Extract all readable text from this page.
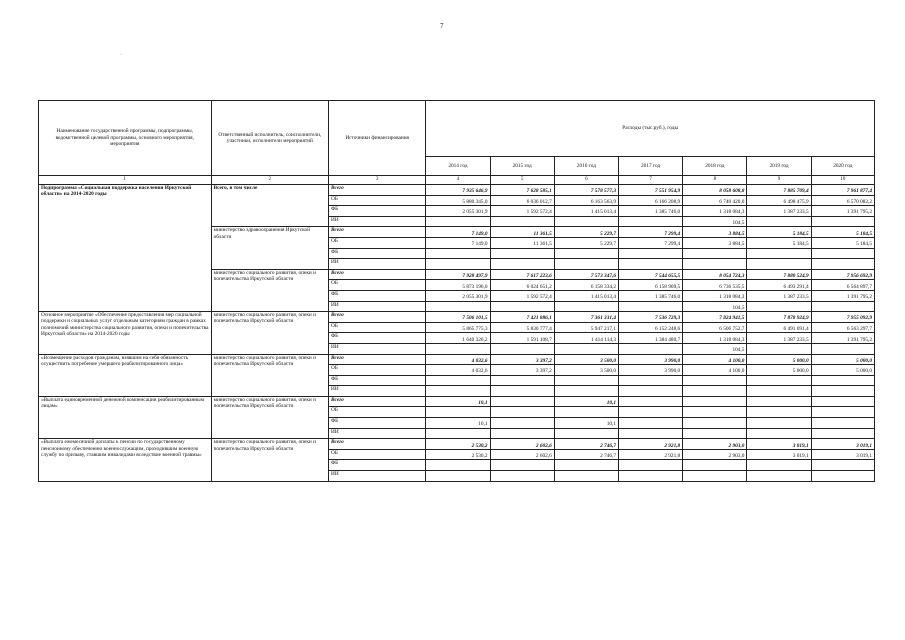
7
·
Наименование государственной программы, подпрограммы, ведомственной целевой программы, основного мероприятия, мероприятия	Ответственный исполнитель, соисполнители, участники, исполнители мероприятий	Источники финансирования	Расходы (тыс.руб.), годы						
			2014 год	2015 год	2016 год	2017 год	2018 год	2019 год	2020 год
1	2	3	4	5	6	7	8	9	10
Подпрограмма «Социальная поддержка населения Иркутской области» на 2014-2020 годы	Всего, в том числе	Всего	7 935 646,9	7 628 585,1	7 578 577,3	7 551 954,9	8 058 608,8	7 885 709,4	7 961 877,4
		ОБ	5 880 345,0	6 036 012,7	6 163 563,9	6 166 208,9	6 740 420,0	6 498 475,9	6 570 082,2
		ФБ	2 055 301,9	1 592 572,4	1 415 013,4	1 385 746,0	1 318 084,3	1 387 233,5	1 391 795,2
		ИИ					104,5		
	министерство здравоохранения Иркутской области	Всего	7 149,0	11 361,5	5 229,7	7 299,4	3 884,5	5 184,5	5 184,5
		ОБ	7 149,0	11 361,5	5 229,7	7 299,4	3 884,5	5 184,5	5 184,5
		ФБ							
		ИИ							
	министерство социального развития, опеки и попечительства Иркутской области	Всего	7 928 497,9	7 617 223,6	7 573 347,6	7 544 655,5	8 054 724,3	7 880 524,9	7 956 692,9
		ОБ	5 873 196,0	6 024 651,2	6 158 334,2	6 158 909,5	6 736 535,5	6 493 291,4	6 564 897,7
		ФБ	2 055 301,9	1 592 572,4	1 415 013,4	1 385 746,0	1 318 084,3	1 387 233,5	1 391 795,2
		ИИ					104,5		
Основное мероприятие «Обеспечение предоставления мер социальной поддержки и социальных услуг отдельным категориям граждан в рамках полномочий министерства социального развития, опеки и попечительства Иркутской области» на 2014-2020 годы	министерство социального развития, опеки и попечительства Иркутской области	Всего	7 506 101,5	7 421 886,1	7 361 331,4	7 536 729,3	7 824 941,5	7 878 924,9	7 955 092,9
		ОБ	5 865 775,3	5 830 777,4	5 947 217,1	6 152 248,6	6 506 752,7	6 491 691,4	6 563 297,7
		ФБ	1 640 326,2	1 591 108,7	1 414 114,3	1 384 480,7	1 318 084,3	1 387 233,5	1 391 795,2
		ИИ					104,5		
«Возмещение расходов гражданам, взявшим на себя обязанность осуществить погребение умершего реабилитированного лица»	министерство социального развития, опеки и попечительства Иркутской области	Всего	4 032,6	3 397,2	3 500,0	3 990,0	4 100,0	5 000,0	5 000,0
		ОБ	4 032,6	3 397,2	3 500,0	3 990,0	4 100,0	5 000,0	5 000,0
		ФБ							
		ИИ							
«Выплата единовременной денежной компенсации реабилитированным лицам»	министерство социального развития, опеки и попечительства Иркутской области	Всего	10,1		10,1				
		ОБ							
		ФБ	10,1		10,1				
		ИИ							
«Выплата ежемесячной доплаты к пенсии по государственному пенсионному обеспечению военнослужащим, проходившим военную службу по призыву, ставшим инвалидами вследствие военной травмы»	министерство социального развития, опеки и попечительства Иркутской области	Всего	2 530,2	2 602,6	2 746,7	2 921,8	2 903,0	3 019,1	3 019,1
		ОБ	2 530,2	2 602,6	2 746,7	2 921,8	2 903,0	3 019,1	3 019,1
		ФБ							
		ИИ							
